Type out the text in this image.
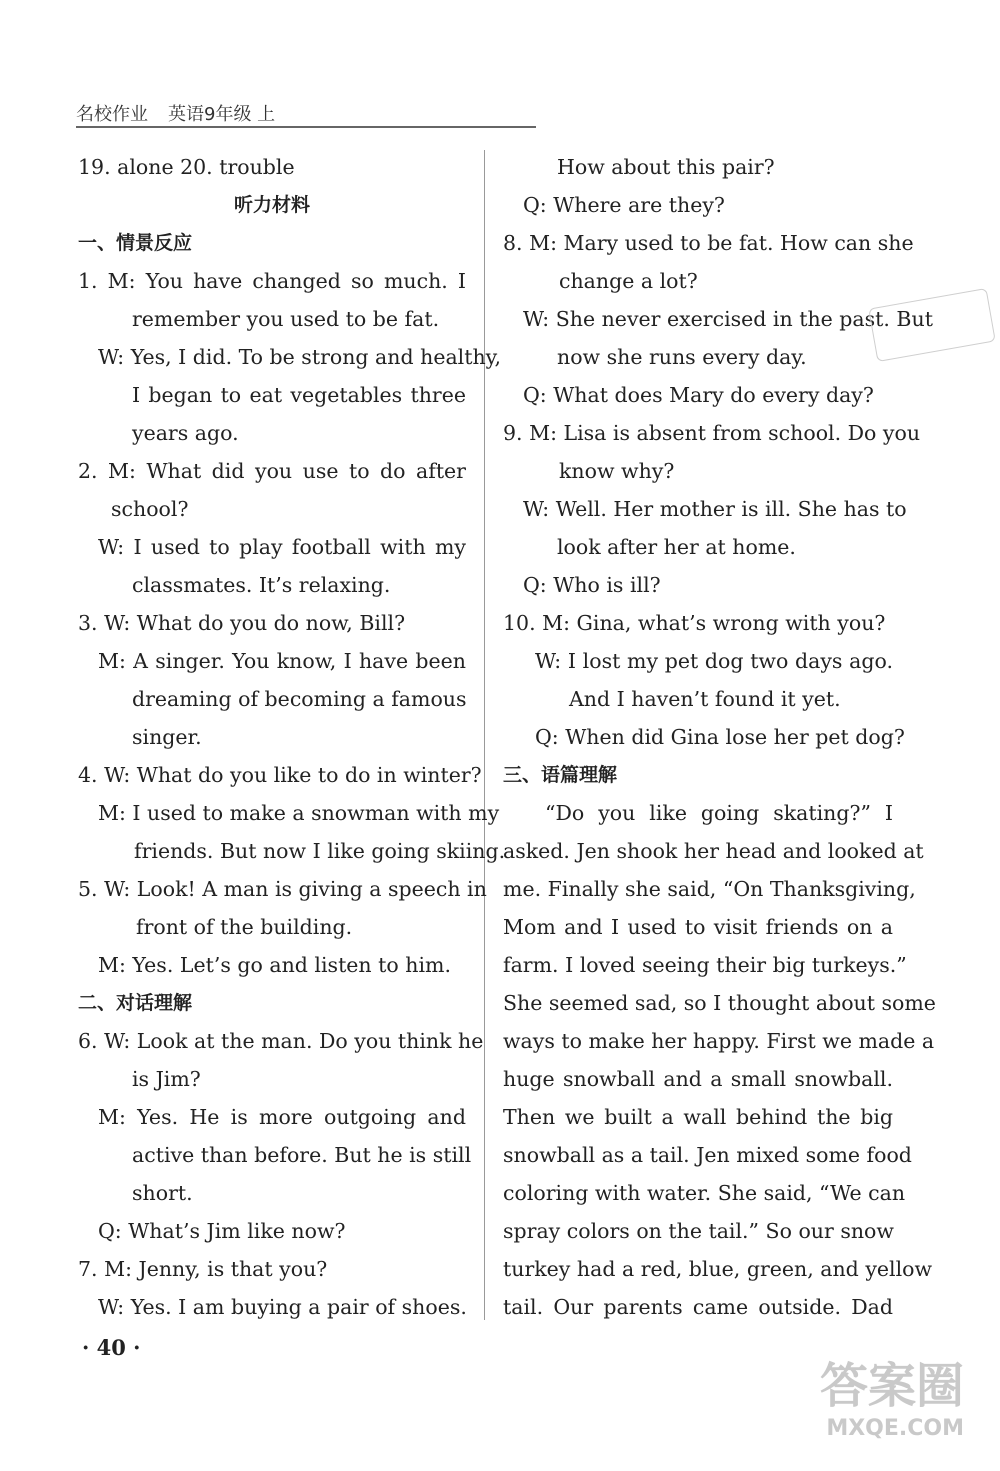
名校作业 英语9年级 上
19. alone 20. trouble
听力材料
一、情景反应
1. M: You have changed so much. I
remember you used to be fat.
W: Yes, I did. To be strong and healthy,
I began to eat vegetables three
years ago.
2. M: What did you use to do after
school?
W: I used to play football with my
classmates. It’s relaxing.
3. W: What do you do now, Bill?
M: A singer. You know, I have been
dreaming of becoming a famous
singer.
4. W: What do you like to do in winter?
M: I used to make a snowman with my
friends. But now I like going skiing.
5. W: Look! A man is giving a speech in
front of the building.
M: Yes. Let’s go and listen to him.
二、对话理解
6. W: Look at the man. Do you think he
is Jim?
M: Yes. He is more outgoing and
active than before. But he is still
short.
Q: What’s Jim like now?
7. M: Jenny, is that you?
W: Yes. I am buying a pair of shoes.
How about this pair?
Q: Where are they?
8. M: Mary used to be fat. How can she
change a lot?
W: She never exercised in the past. But
now she runs every day.
Q: What does Mary do every day?
9. M: Lisa is absent from school. Do you
know why?
W: Well. Her mother is ill. She has to
look after her at home.
Q: Who is ill?
10. M: Gina, what’s wrong with you?
W: I lost my pet dog two days ago.
And I haven’t found it yet.
Q: When did Gina lose her pet dog?
三、语篇理解
“Do you like going skating?” I
asked. Jen shook her head and looked at
me. Finally she said, “On Thanksgiving,
Mom and I used to visit friends on a
farm. I loved seeing their big turkeys.”
She seemed sad, so I thought about some
ways to make her happy. First we made a
huge snowball and a small snowball.
Then we built a wall behind the big
snowball as a tail. Jen mixed some food
coloring with water. She said, “We can
spray colors on the tail.” So our snow
turkey had a red, blue, green, and yellow
tail. Our parents came outside. Dad
· 40 ·
答案圈
MXQE.COM
